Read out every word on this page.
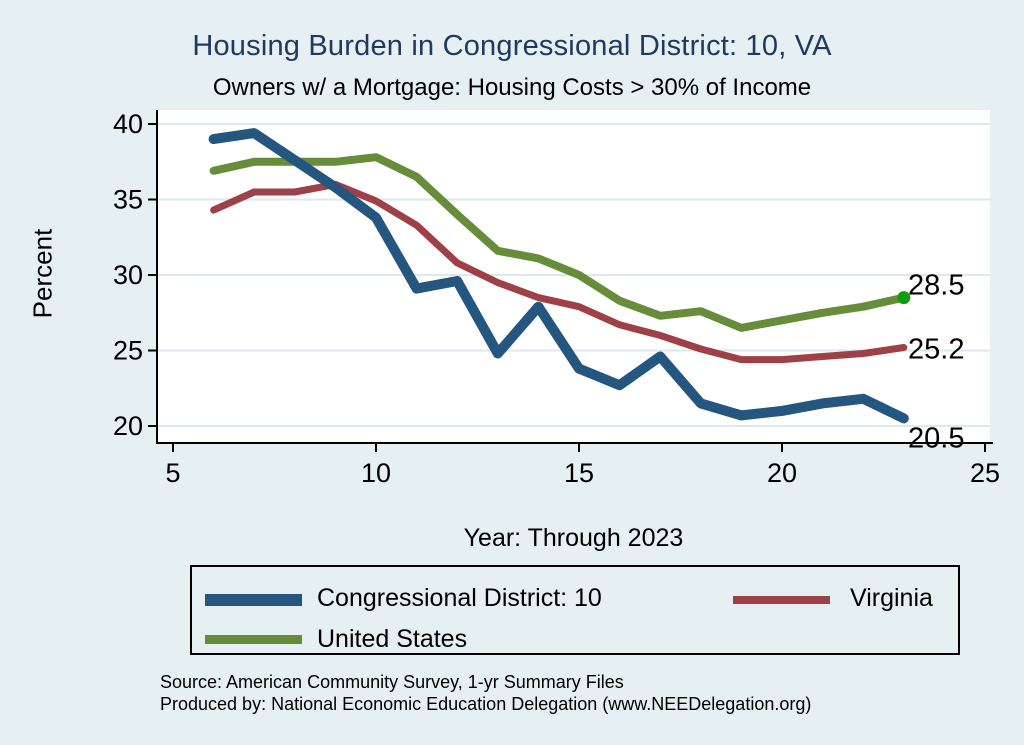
Housing Burden in Congressional District: 10, VA
Owners w/ a Mortgage: Housing Costs > 30% of Income
20
25
30
35
40
5	10	15	20	25
20.5
25.2
28.5
Percent
Year: Through 2023
Congressional District: 10	Virginia
United States
Source: American Community Survey, 1-yr Summary Files
Produced by: National Economic Education Delegation (www.NEEDelegation.org)
